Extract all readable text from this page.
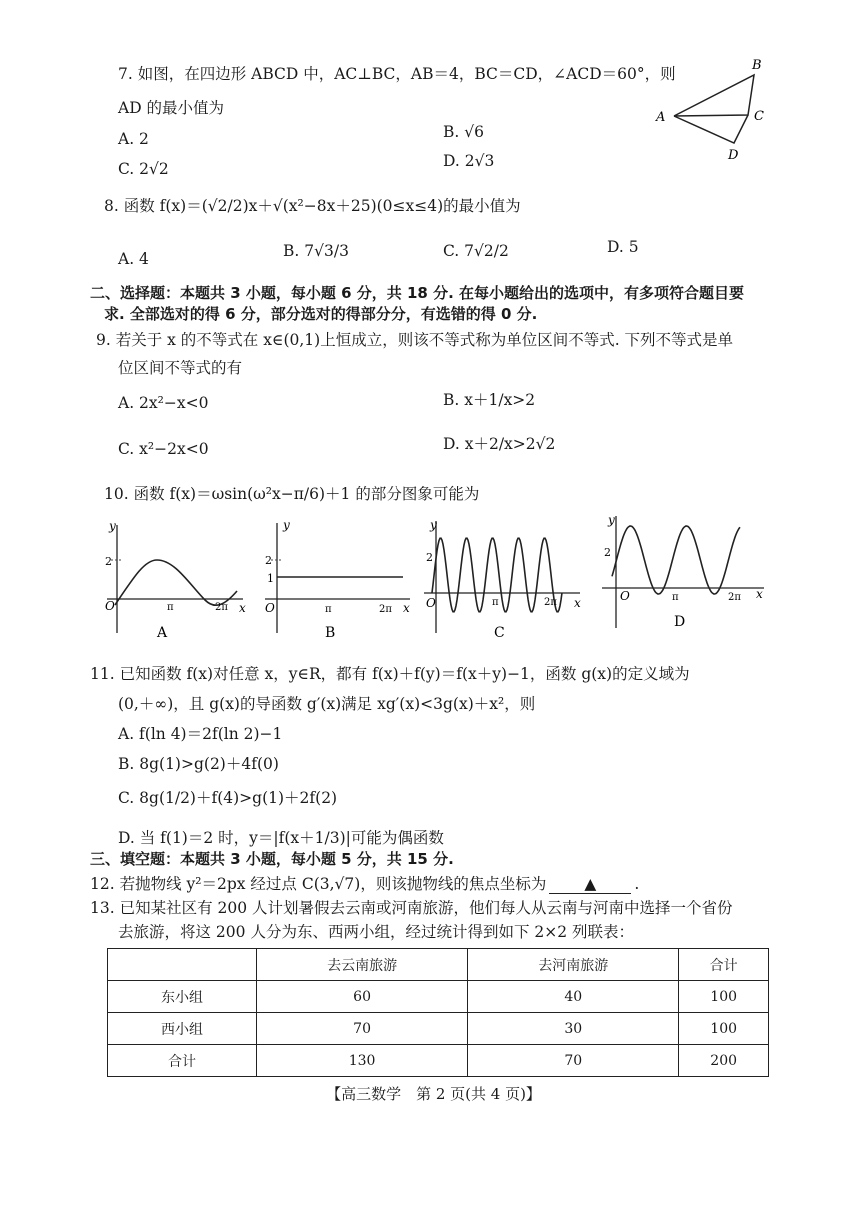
7. 如图，在四边形 ABCD 中，AC⊥BC，AB＝4，BC＝CD，∠ACD＝60°，则
AD 的最小值为
A. 2	B. √6
C. 2√2	D. 2√3
B
A	C
D
8. 函数 f(x)＝(√2/2)x＋√(x²−8x＋25)(0≤x≤4)的最小值为
A. 4	B. 7√3/3	C. 7√2/2	D. 5
二、选择题：本题共 3 小题，每小题 6 分，共 18 分. 在每小题给出的选项中，有多项符合题目要
求. 全部选对的得 6 分，部分选对的得部分分，有选错的得 0 分.
9. 若关于 x 的不等式在 x∈(0,1)上恒成立，则该不等式称为单位区间不等式. 下列不等式是单
位区间不等式的有
A. 2x²−x<0	B. x＋1/x>2
C. x²−2x<0	D. x＋2/x>2√2
10. 函数 f(x)＝ωsin(ω²x−π/6)＋1 的部分图象可能为
y
x
2
O	π	2π
A
y
x
2
1
O	π	2π
B
y
x
2
O	π	2π
C
y
x
2
O	π	2π
D
11. 已知函数 f(x)对任意 x，y∈R，都有 f(x)＋f(y)＝f(x＋y)−1，函数 g(x)的定义域为
(0,＋∞)，且 g(x)的导函数 g′(x)满足 xg′(x)<3g(x)＋x²，则
A. f(ln 4)＝2f(ln 2)−1
B. 8g(1)>g(2)＋4f(0)
C. 8g(1/2)＋f(4)>g(1)＋2f(2)
D. 当 f(1)＝2 时，y＝|f(x＋1/3)|可能为偶函数
三、填空题：本题共 3 小题，每小题 5 分，共 15 分.
12. 若抛物线 y²＝2px 经过点 C(3,√7)，则该抛物线的焦点坐标为 ▲ .
13. 已知某社区有 200 人计划暑假去云南或河南旅游，他们每人从云南与河南中选择一个省份
去旅游，将这 200 人分为东、西两小组，经过统计得到如下 2×2 列联表：
	去云南旅游	去河南旅游	合计
东小组	60	40	100
西小组	70	30	100
合计	130	70	200
【高三数学　第 2 页(共 4 页)】
